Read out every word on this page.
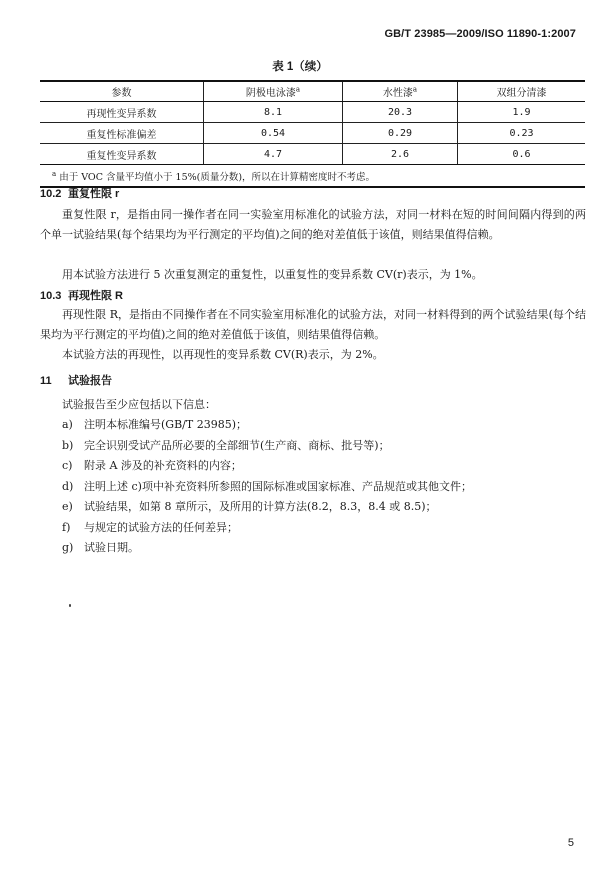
GB/T 23985—2009/ISO 11890-1:2007
表 1（续）
参数	阴极电泳漆$^a$	水性漆$^a$	双组分清漆
再现性变异系数	8.1	20.3	1.9
重复性标准偏差	0.54	0.29	0.23
重复性变异系数	4.7	2.6	0.6
$^a$ 由于 VOC 含量平均值小于 15%(质量分数)，所以在计算精密度时不考虑。			
10.2 重复性限 r
重复性限 r，是指由同一操作者在同一实验室用标准化的试验方法，对同一材料在短的时间间隔内得到的两个单一试验结果(每个结果均为平行测定的平均值)之间的绝对差值低于该值，则结果值得信赖。
用本试验方法进行 5 次重复测定的重复性，以重复性的变异系数 CV(r)表示，为 1%。
10.3 再现性限 R
再现性限 R，是指由不同操作者在不同实验室用标准化的试验方法，对同一材料得到的两个试验结果(每个结果均为平行测定的平均值)之间的绝对差值低于该值，则结果值得信赖。
本试验方法的再现性，以再现性的变异系数 CV(R)表示，为 2%。
11 试验报告
试验报告至少应包括以下信息：
a) 注明本标准编号(GB/T 23985)；
b) 完全识别受试产品所必要的全部细节(生产商、商标、批号等)；
c) 附录 A 涉及的补充资料的内容；
d) 注明上述 c)项中补充资料所参照的国际标准或国家标准、产品规范或其他文件；
e) 试验结果，如第 8 章所示，及所用的计算方法(8.2，8.3，8.4 或 8.5)；
f) 与规定的试验方法的任何差异；
g) 试验日期。
5
